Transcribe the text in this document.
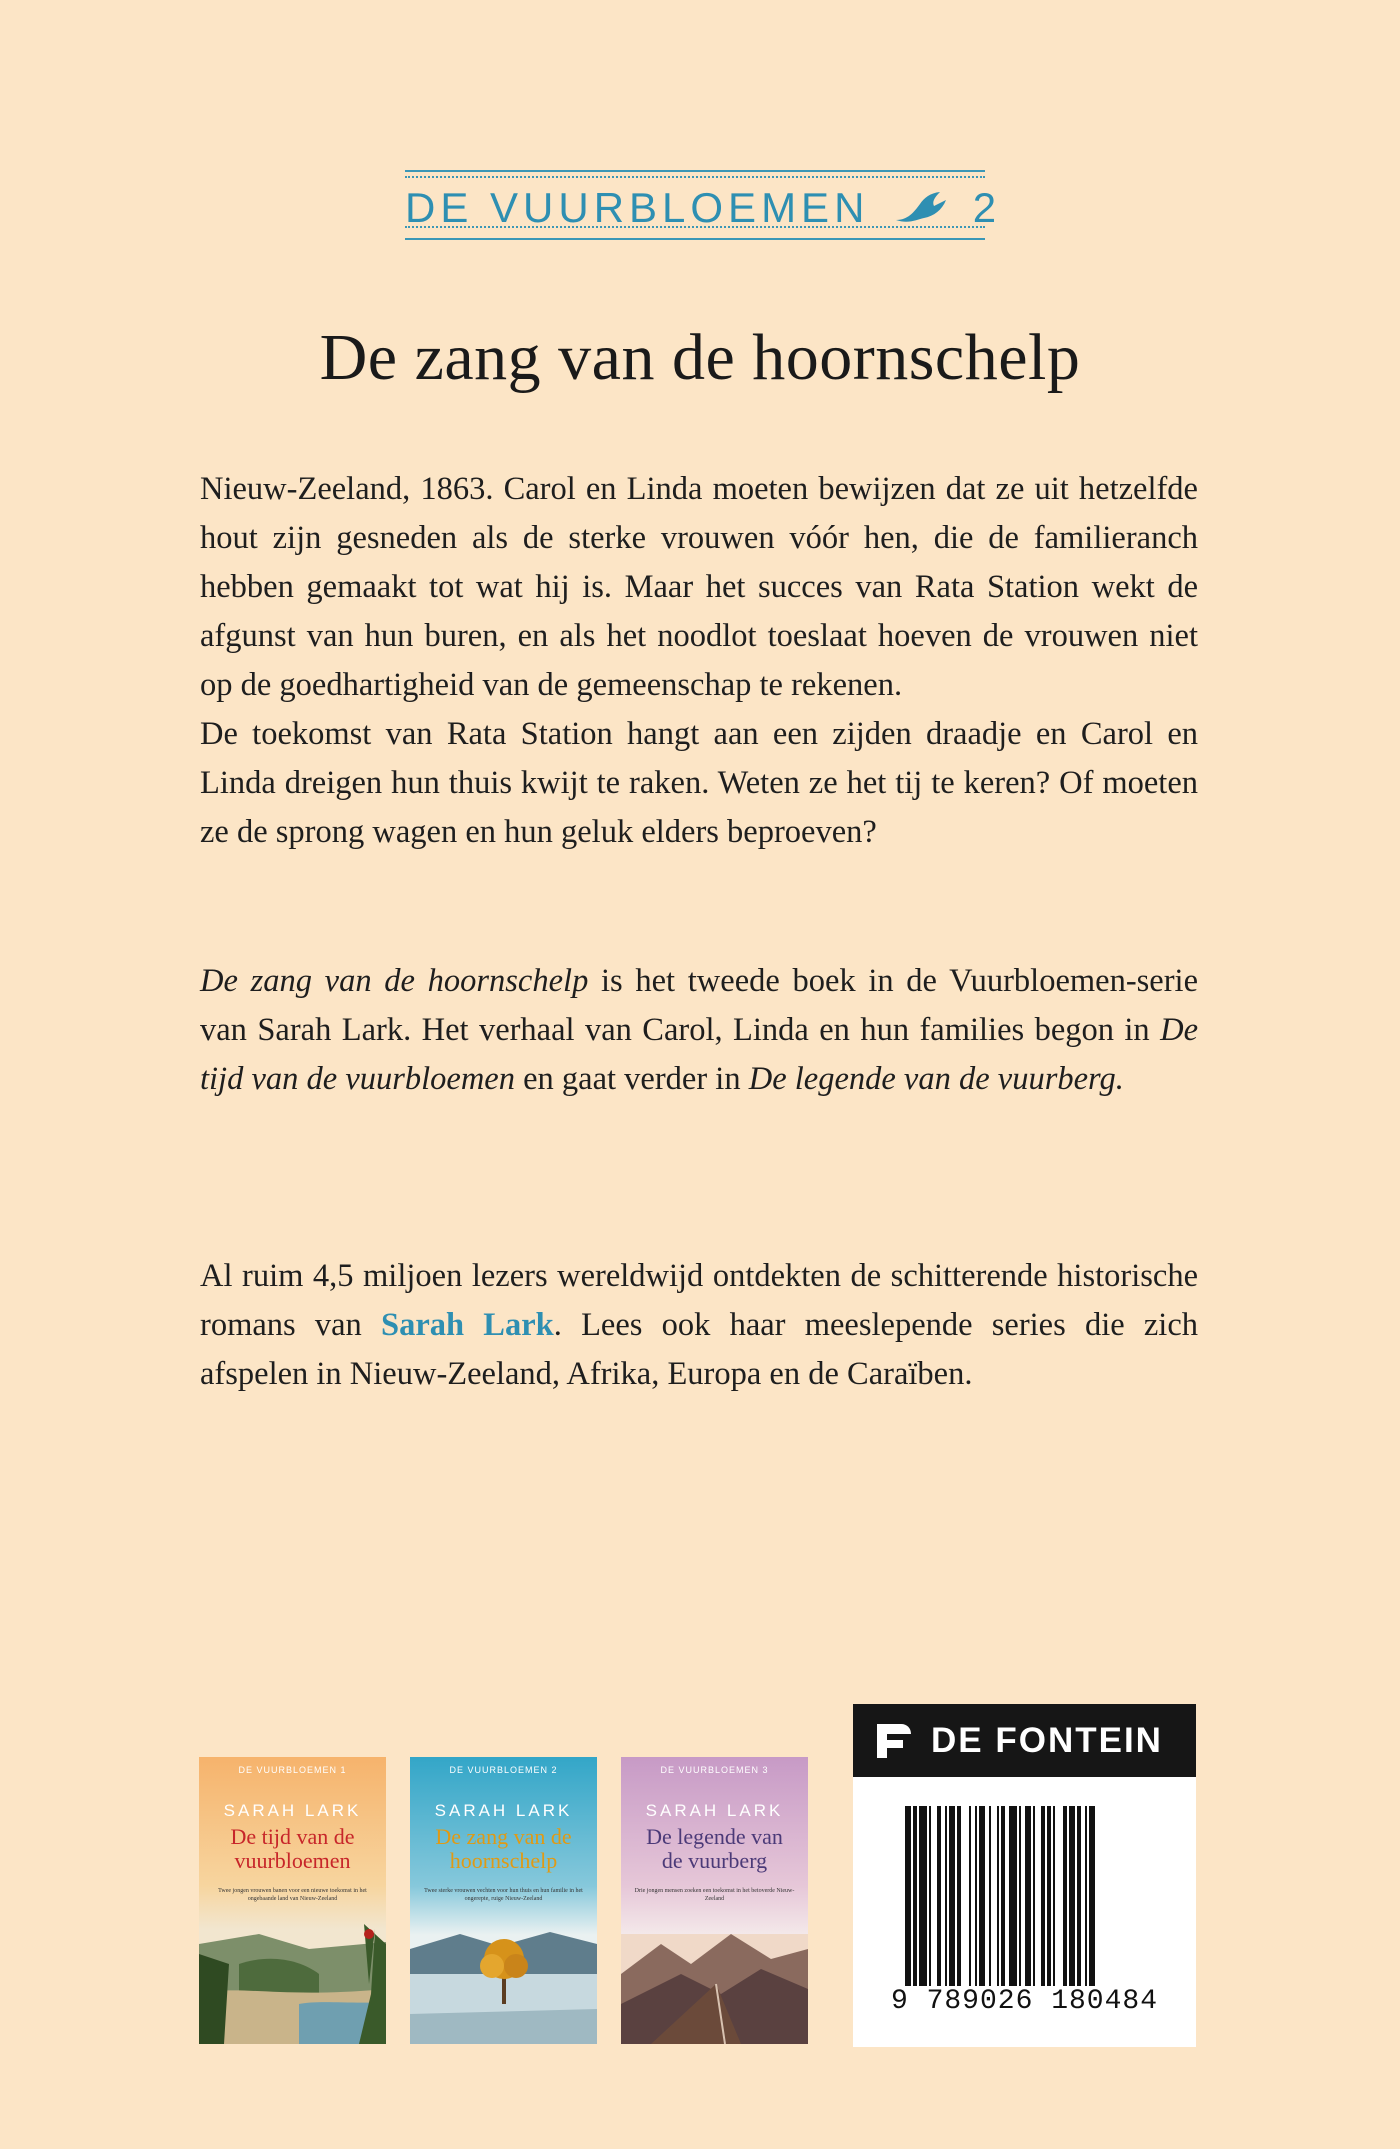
DE VUURBLOEMEN 2
De zang van de hoornschelp

Nieuw-Zeeland, 1863. Carol en Linda moeten bewijzen dat ze uit hetzelfde hout zijn gesneden als de sterke vrouwen vóór hen, die de familieranch hebben gemaakt tot wat hij is. Maar het succes van Rata Station wekt de afgunst van hun buren, en als het noodlot toeslaat hoeven de vrouwen niet op de goedhartigheid van de gemeenschap te rekenen.

De toekomst van Rata Station hangt aan een zijden draadje en Carol en Linda dreigen hun thuis kwijt te raken. Weten ze het tij te keren? Of moeten ze de sprong wagen en hun geluk elders beproeven?

De zang van de hoornschelp is het tweede boek in de Vuurbloemen-serie van Sarah Lark. Het verhaal van Carol, Linda en hun families begon in De tijd van de vuurbloemen en gaat verder in De legende van de vuurberg.

Al ruim 4,5 miljoen lezers wereldwijd ontdekten de schitterende historische romans van Sarah Lark. Lees ook haar meeslepende series die zich afspelen in Nieuw-Zeeland, Afrika, Europa en de Caraïben.

DE VUURBLOEMEN 1
SARAH LARK
De tijd van de
vuurbloemen
Twee jongen vrouwen banen voor een nieuwe toekomst in het ongebaande land van Nieuw-Zeeland
DE VUURBLOEMEN 2
SARAH LARK
De zang van de
hoornschelp
Twee sterke vrouwen vechten voor hun thuis en hun familie in het ongerepte, ruige Nieuw-Zeeland
DE VUURBLOEMEN 3
SARAH LARK
De legende van
de vuurberg
Drie jongen mensen zoeken een toekomst in het betoverde Nieuw-Zeeland
DE FONTEIN
9 789026 180484
